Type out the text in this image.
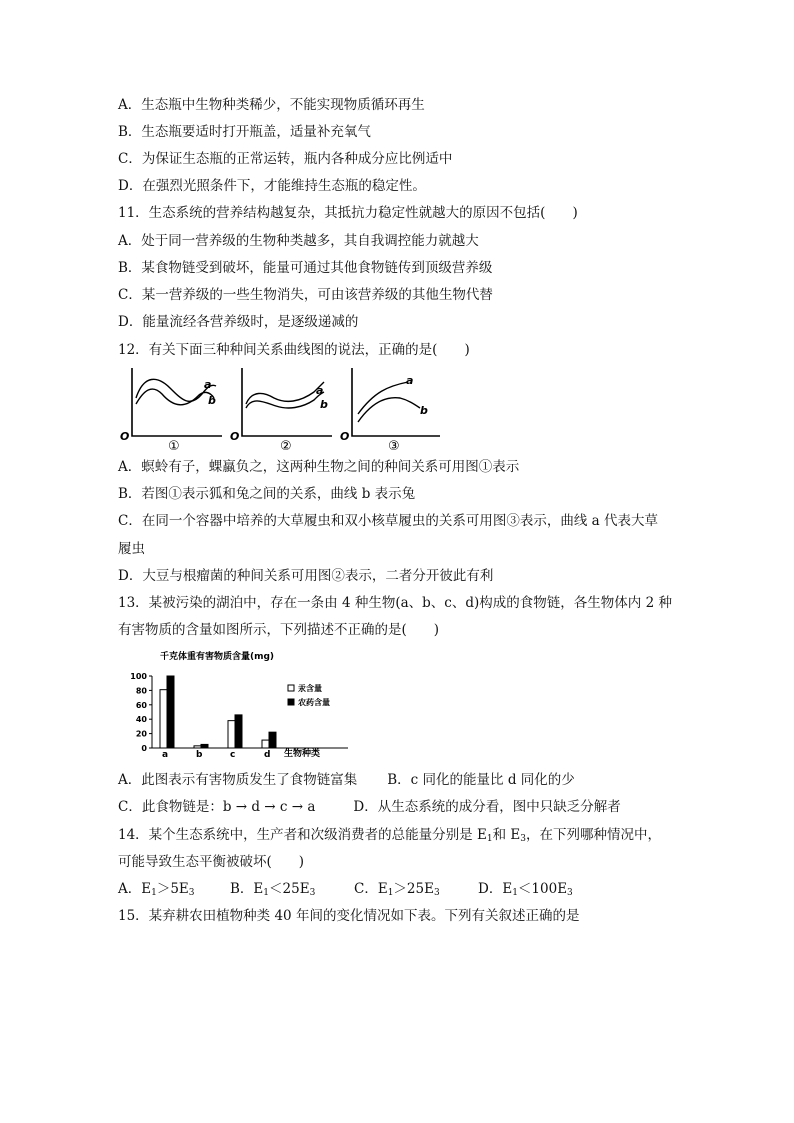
A．生态瓶中生物种类稀少，不能实现物质循环再生
B．生态瓶要适时打开瓶盖，适量补充氧气
C．为保证生态瓶的正常运转，瓶内各种成分应比例适中
D．在强烈光照条件下，才能维持生态瓶的稳定性。
11．生态系统的营养结构越复杂，其抵抗力稳定性就越大的原因不包括(　　)
A．处于同一营养级的生物种类越多，其自我调控能力就越大
B．某食物链受到破坏，能量可通过其他食物链传到顶级营养级
C．某一营养级的一些生物消失，可由该营养级的其他生物代替
D．能量流经各营养级时，是逐级递减的
12．有关下面三种种间关系曲线图的说法，正确的是(　　)
a
b
a
b
a
b
O	O	O
①	②	③
A．螟蛉有子，蜾蠃负之，这两种生物之间的种间关系可用图①表示
B．若图①表示狐和兔之间的关系，曲线 b 表示兔
C．在同一个容器中培养的大草履虫和双小核草履虫的关系可用图③表示，曲线 a 代表大草
履虫
D．大豆与根瘤菌的种间关系可用图②表示，二者分开彼此有利
13．某被污染的湖泊中，存在一条由 4 种生物(a、b、c、d)构成的食物链，各生物体内 2 种
有害物质的含量如图所示，下列描述不正确的是(　　)
千克体重有害物质含量(mg)
0
20
40
60
80
100
a	b	c	d 生物种类
汞含量
农药含量
A．此图表示有害物质发生了食物链富集 B．c 同化的能量比 d 同化的少
C．此食物链是：b → d → c → a	D．从生态系统的成分看，图中只缺乏分解者
14．某个生态系统中，生产者和次级消费者的总能量分别是 $E_1$和 $E_3$，在下列哪种情况中，
可能导致生态平衡被破坏(　　)
A．$E_1>5E_3$	B．$E_1<25E_3$	C．$E_1>25E_3$	D．$E_1<100E_3$
15．某弃耕农田植物种类 40 年间的变化情况如下表。下列有关叙述正确的是
